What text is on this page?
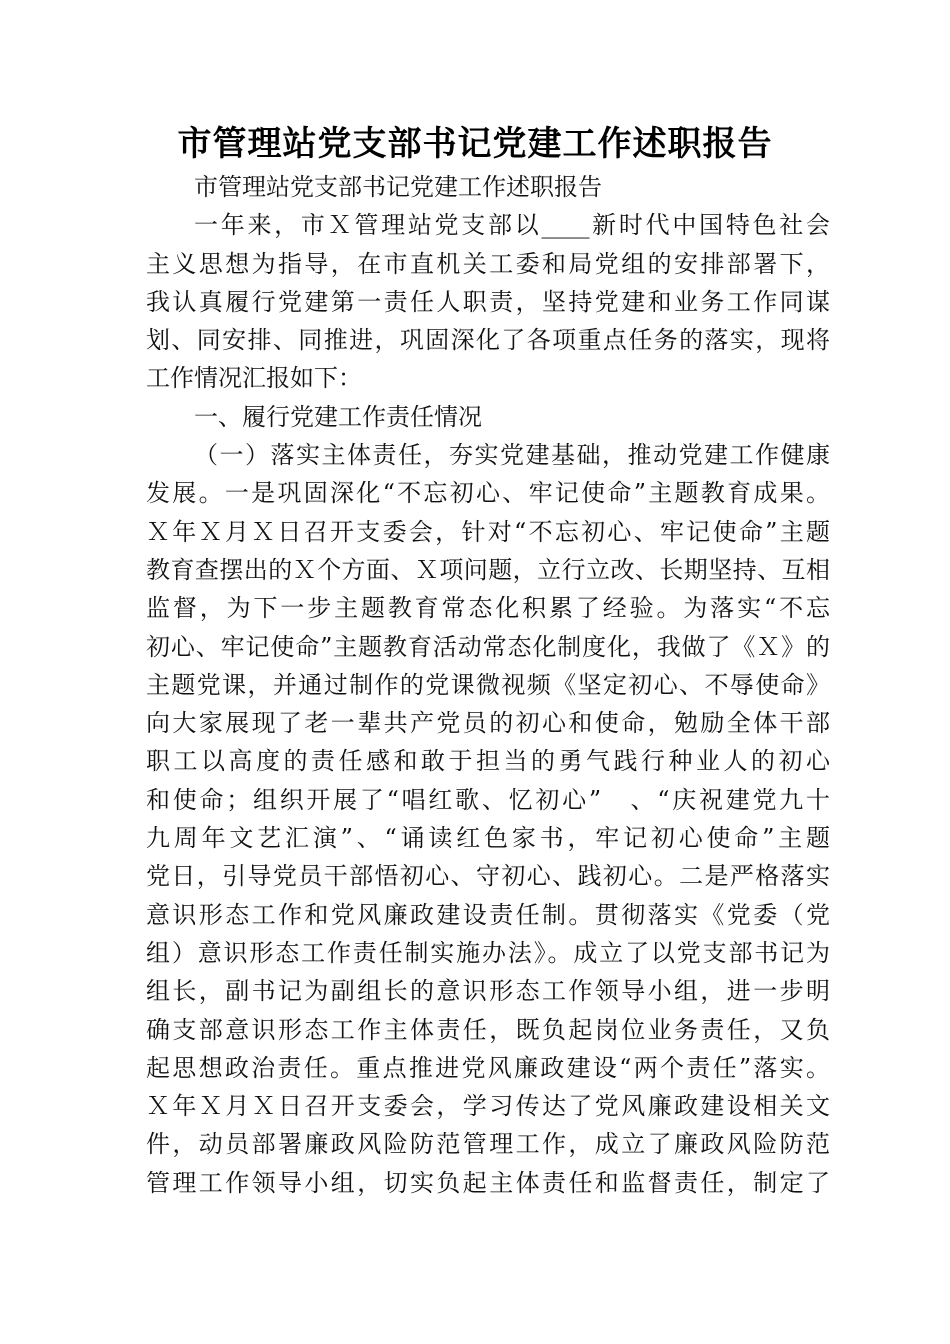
市管理站党支部书记党建工作述职报告
市管理站党支部书记党建工作述职报告
一年来，市Ｘ管理站党支部以____新时代中国特色社会
主义思想为指导，在市直机关工委和局党组的安排部署下，
我认真履行党建第一责任人职责，坚持党建和业务工作同谋
划、同安排、同推进，巩固深化了各项重点任务的落实，现将
工作情况汇报如下：
一、履行党建工作责任情况
（一）落实主体责任，夯实党建基础，推动党建工作健康
发展。一是巩固深化“不忘初心、牢记使命”主题教育成果。
Ｘ年Ｘ月Ｘ日召开支委会，针对“不忘初心、牢记使命”主题
教育查摆出的Ｘ个方面、Ｘ项问题，立行立改、长期坚持、互相
监督，为下一步主题教育常态化积累了经验。为落实“不忘
初心、牢记使命”主题教育活动常态化制度化，我做了《Ｘ》的
主题党课，并通过制作的党课微视频《坚定初心、不辱使命》
向大家展现了老一辈共产党员的初心和使命，勉励全体干部
职工以高度的责任感和敢于担当的勇气践行种业人的初心
和使命；组织开展了“唱红歌、忆初心”　、“庆祝建党九十
九周年文艺汇演”、“诵读红色家书，牢记初心使命”主题
党日，引导党员干部悟初心、守初心、践初心。二是严格落实
意识形态工作和党风廉政建设责任制。贯彻落实《党委（党
组）意识形态工作责任制实施办法》。成立了以党支部书记为
组长，副书记为副组长的意识形态工作领导小组，进一步明
确支部意识形态工作主体责任，既负起岗位业务责任，又负
起思想政治责任。重点推进党风廉政建设“两个责任”落实。
Ｘ年Ｘ月Ｘ日召开支委会，学习传达了党风廉政建设相关文
件，动员部署廉政风险防范管理工作，成立了廉政风险防范
管理工作领导小组，切实负起主体责任和监督责任，制定了
